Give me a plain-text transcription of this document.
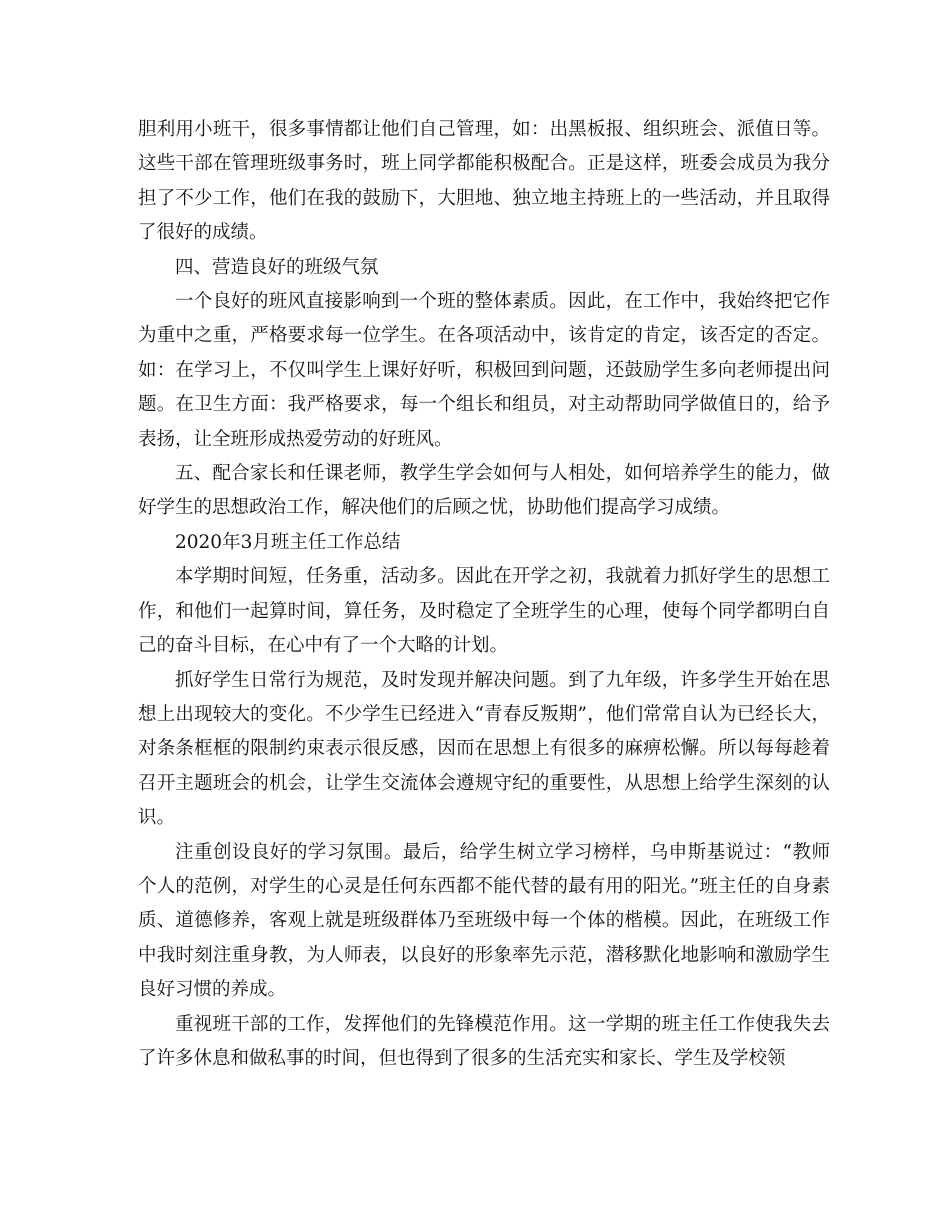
胆利用小班干，很多事情都让他们自己管理，如：出黑板报、组织班会、派值日等。这些干部在管理班级事务时，班上同学都能积极配合。正是这样，班委会成员为我分担了不少工作，他们在我的鼓励下，大胆地、独立地主持班上的一些活动，并且取得了很好的成绩。

四、营造良好的班级气氛

一个良好的班风直接影响到一个班的整体素质。因此，在工作中，我始终把它作为重中之重，严格要求每一位学生。在各项活动中，该肯定的肯定，该否定的否定。如：在学习上，不仅叫学生上课好好听，积极回到问题，还鼓励学生多向老师提出问题。在卫生方面：我严格要求，每一个组长和组员，对主动帮助同学做值日的，给予表扬，让全班形成热爱劳动的好班风。

五、配合家长和任课老师，教学生学会如何与人相处，如何培养学生的能力，做好学生的思想政治工作，解决他们的后顾之忧，协助他们提高学习成绩。

2020年3月班主任工作总结

本学期时间短，任务重，活动多。因此在开学之初，我就着力抓好学生的思想工作，和他们一起算时间，算任务，及时稳定了全班学生的心理，使每个同学都明白自己的奋斗目标，在心中有了一个大略的计划。

抓好学生日常行为规范，及时发现并解决问题。到了九年级，许多学生开始在思想上出现较大的变化。不少学生已经进入“青春反叛期”，他们常常自认为已经长大，对条条框框的限制约束表示很反感，因而在思想上有很多的麻痹松懈。所以每每趁着召开主题班会的机会，让学生交流体会遵规守纪的重要性，从思想上给学生深刻的认识。

注重创设良好的学习氛围。最后，给学生树立学习榜样，乌申斯基说过：“教师个人的范例，对学生的心灵是任何东西都不能代替的最有用的阳光。”班主任的自身素质、道德修养，客观上就是班级群体乃至班级中每一个体的楷模。因此，在班级工作中我时刻注重身教，为人师表，以良好的形象率先示范，潜移默化地影响和激励学生良好习惯的养成。

重视班干部的工作，发挥他们的先锋模范作用。这一学期的班主任工作使我失去了许多休息和做私事的时间，但也得到了很多的生活充实和家长、学生及学校领
